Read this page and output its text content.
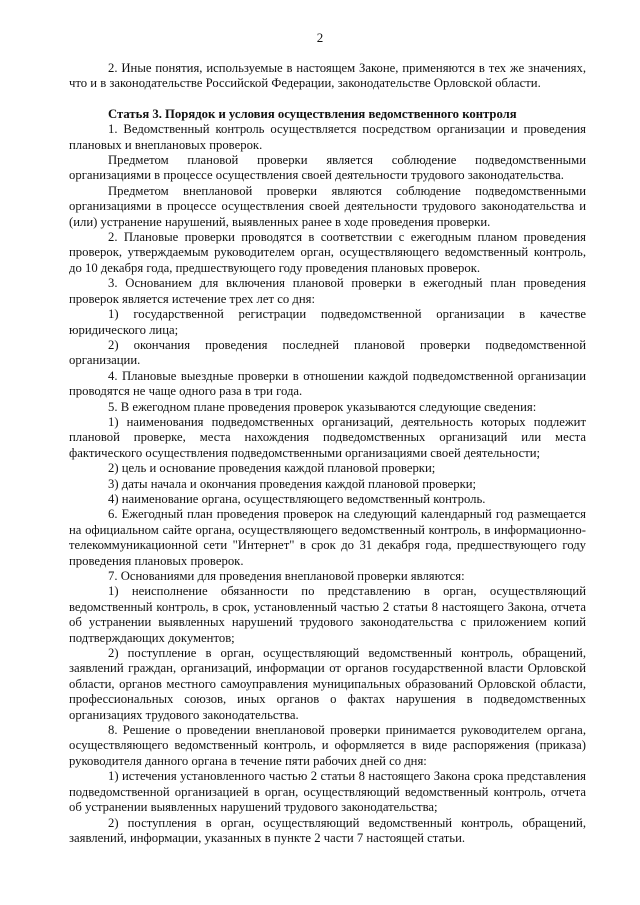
2

2. Иные понятия, используемые в настоящем Законе, применяются в тех же значениях, что и в законодательстве Российской Федерации, законодательстве Орловской области.

Статья 3. Порядок и условия осуществления ведомственного контроля

1. Ведомственный контроль осуществляется посредством организации и проведения плановых и внеплановых проверок.

Предметом плановой проверки является соблюдение подведомственными организациями в процессе осуществления своей деятельности трудового законодательства.

Предметом внеплановой проверки являются соблюдение подведомственными организациями в процессе осуществления своей деятельности трудового законодательства и (или) устранение нарушений, выявленных ранее в ходе проведения проверки.

2. Плановые проверки проводятся в соответствии с ежегодным планом проведения проверок, утверждаемым руководителем орган, осуществляющего ведомственный контроль, до 10 декабря года, предшествующего году проведения плановых проверок.

3. Основанием для включения плановой проверки в ежегодный план проведения проверок является истечение трех лет со дня:

1) государственной регистрации подведомственной организации в качестве юридического лица;

2) окончания проведения последней плановой проверки подведомственной организации.

4. Плановые выездные проверки в отношении каждой подведомственной организации проводятся не чаще одного раза в три года.

5. В ежегодном плане проведения проверок указываются следующие сведения:

1) наименования подведомственных организаций, деятельность которых подлежит плановой проверке, места нахождения подведомственных организаций или места фактического осуществления подведомственными организациями своей деятельности;

2) цель и основание проведения каждой плановой проверки;

3) даты начала и окончания проведения каждой плановой проверки;

4) наименование органа, осуществляющего ведомственный контроль.

6. Ежегодный план проведения проверок на следующий календарный год размещается на официальном сайте органа, осуществляющего ведомственный контроль, в информационно-телекоммуникационной сети "Интернет" в срок до 31 декабря года, предшествующего году проведения плановых проверок.

7. Основаниями для проведения внеплановой проверки являются:

1) неисполнение обязанности по представлению в орган, осуществляющий ведомственный контроль, в срок, установленный частью 2 статьи 8 настоящего Закона, отчета об устранении выявленных нарушений трудового законодательства с приложением копий подтверждающих документов;

2) поступление в орган, осуществляющий ведомственный контроль, обращений, заявлений граждан, организаций, информации от органов государственной власти Орловской области, органов местного самоуправления муниципальных образований Орловской области, профессиональных союзов, иных органов о фактах нарушения в подведомственных организациях трудового законодательства.

8. Решение о проведении внеплановой проверки принимается руководителем органа, осуществляющего ведомственный контроль, и оформляется в виде распоряжения (приказа) руководителя данного органа в течение пяти рабочих дней со дня:

1) истечения установленного частью 2 статьи 8 настоящего Закона срока представления подведомственной организацией в орган, осуществляющий ведомственный контроль, отчета об устранении выявленных нарушений трудового законодательства;

2) поступления в орган, осуществляющий ведомственный контроль, обращений, заявлений, информации, указанных в пункте 2 части 7 настоящей статьи.
